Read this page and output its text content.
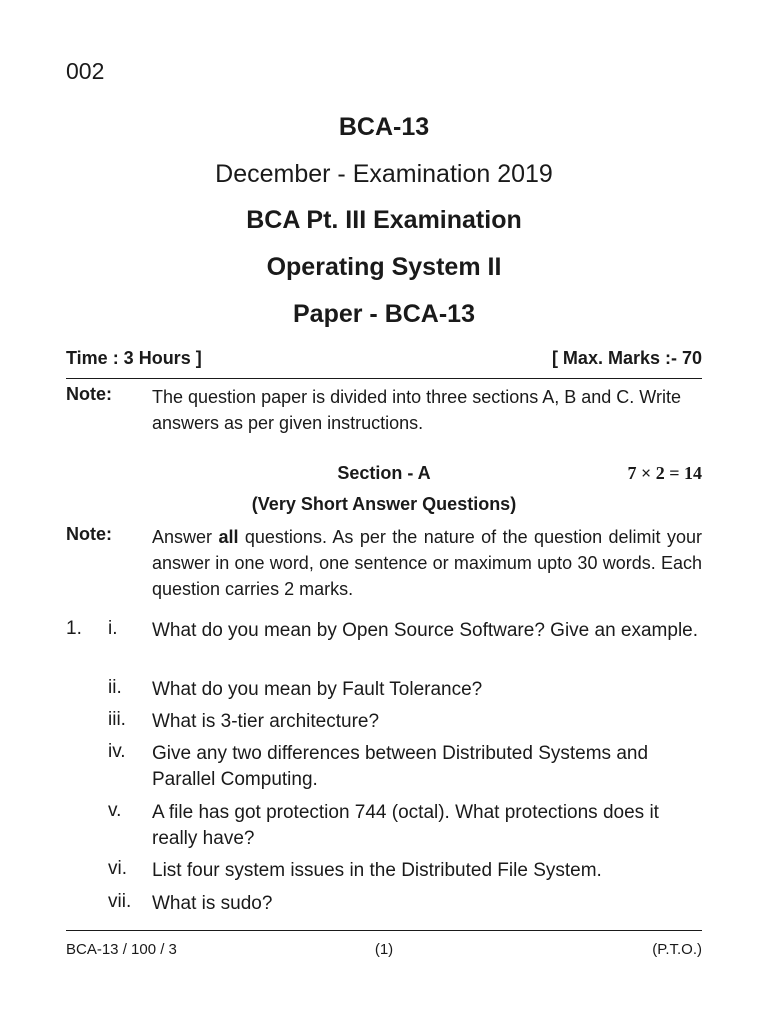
002
BCA-13
December - Examination 2019
BCA Pt. III Examination
Operating System II
Paper - BCA-13
Time : 3 Hours ]	[ Max. Marks :- 70
Note: The question paper is divided into three sections A, B and C. Write answers as per given instructions.
Section - A	7 × 2 = 14
(Very Short Answer Questions)
Note: Answer all questions. As per the nature of the question delimit your answer in one word, one sentence or maximum upto 30 words. Each question carries 2 marks.
1. i. What do you mean by Open Source Software? Give an example.
ii. What do you mean by Fault Tolerance?
iii. What is 3-tier architecture?
iv. Give any two differences between Distributed Systems and Parallel Computing.
v. A file has got protection 744 (octal). What protections does it really have?
vi. List four system issues in the Distributed File System.
vii. What is sudo?
BCA-13 / 100 / 3	(1)	(P.T.O.)
